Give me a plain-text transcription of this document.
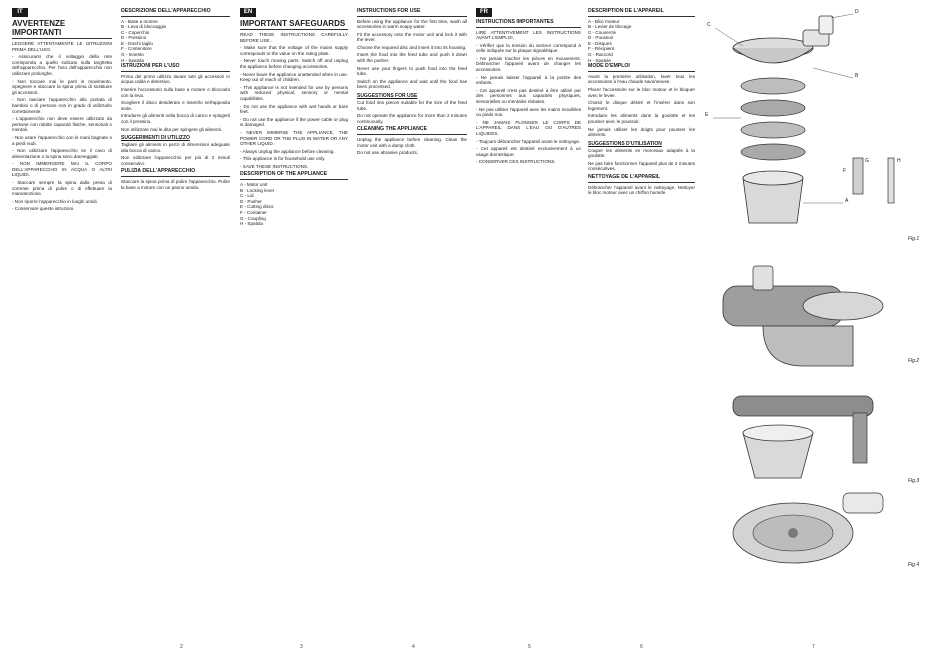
IT
AVVERTENZE IMPORTANTI
LEGGERE ATTENTAMENTE LE ISTRUZIONI PRIMA DELL'USO.
- Assicurarsi che il voltaggio della rete corrisponda a quello indicato sulla targhetta dell'apparecchio. Per l'uso dell'apparecchio non utilizzare prolunghe.
- Non toccare mai le parti in movimento. Spegnere e staccare la spina prima di sostituire gli accessori.
- Non lasciare l'apparecchio alla portata di bambini o di persone non in grado di utilizzarlo correttamente.
- L'apparecchio non deve essere utilizzato da persone con ridotte capacità fisiche, sensoriali o mentali.
- Non usare l'apparecchio con le mani bagnate o a piedi nudi.
- Non utilizzare l'apparecchio se il cavo di alimentazione o la spina sono danneggiati.
- NON IMMERGERE MAI IL CORPO DELL'APPARECCHIO IN ACQUA O ALTRI LIQUIDI.
- Staccare sempre la spina dalla presa di corrente prima di pulire o di effettuare la manutenzione.
- Non riporre l'apparecchio in luoghi umidi.
- Conservare queste istruzioni.
DESCRIZIONE DELL'APPARECCHIO
A - Base a motore
B - Leva di bloccaggio
C - Coperchio
D - Pressino
E - Dischi taglio
F - Contenitore
G - Innesto
H - Spatola
ISTRUZIONI PER L'USO
Prima del primo utilizzo lavare tutti gli accessori in acqua calda e detersivo.
Inserire l'accessorio sulla base a motore e bloccarlo con la leva.
Scegliere il disco desiderato e inserirlo nell'apposita sede.
Introdurre gli alimenti nella bocca di carico e spingerli con il pressino.
Non utilizzare mai le dita per spingere gli alimenti.
SUGGERIMENTI DI UTILIZZO
Tagliare gli alimenti in pezzi di dimensioni adeguate alla bocca di carico.
Non utilizzare l'apparecchio per più di 2 minuti consecutivi.
PULIZIA DELL'APPARECCHIO
Staccare la spina prima di pulire l'apparecchio. Pulire la base a motore con un panno umido.
EN
IMPORTANT SAFEGUARDS
READ THESE INSTRUCTIONS CAREFULLY BEFORE USE.
- Make sure that the voltage of the mains supply corresponds to the value on the rating plate.
- Never touch moving parts. Switch off and unplug the appliance before changing accessories.
- Never leave the appliance unattended when in use. Keep out of reach of children.
- This appliance is not intended for use by persons with reduced physical, sensory or mental capabilities.
- Do not use the appliance with wet hands or bare feet.
- Do not use the appliance if the power cable or plug is damaged.
- NEVER IMMERSE THE APPLIANCE, THE POWER CORD OR THE PLUG IN WATER OR ANY OTHER LIQUID.
- Always unplug the appliance before cleaning.
- This appliance is for household use only.
- SAVE THESE INSTRUCTIONS.
DESCRIPTION OF THE APPLIANCE
A - Motor unit
B - Locking lever
C - Lid
D - Pusher
E - Cutting discs
F - Container
G - Coupling
H - Spatula
INSTRUCTIONS FOR USE
Before using the appliance for the first time, wash all accessories in warm soapy water.
Fit the accessory onto the motor unit and lock it with the lever.
Choose the required disc and insert it into its housing.
Insert the food into the feed tube and push it down with the pusher.
Never use your fingers to push food into the feed tube.
Switch on the appliance and wait until the food has been processed.
SUGGESTIONS FOR USE
Cut food into pieces suitable for the size of the feed tube.
Do not operate the appliance for more than 2 minutes continuously.
CLEANING THE APPLIANCE
Unplug the appliance before cleaning. Clean the motor unit with a damp cloth.
Do not use abrasive products.
FR
INSTRUCTIONS IMPORTANTES
LIRE ATTENTIVEMENT LES INSTRUCTIONS AVANT L'EMPLOI.
- Vérifier que la tension du secteur correspond à celle indiquée sur la plaque signalétique.
- Ne jamais toucher les pièces en mouvement. Débrancher l'appareil avant de changer les accessoires.
- Ne jamais laisser l'appareil à la portée des enfants.
- Cet appareil n'est pas destiné à être utilisé par des personnes aux capacités physiques, sensorielles ou mentales réduites.
- Ne pas utiliser l'appareil avec les mains mouillées ou pieds nus.
- NE JAMAIS PLONGER LE CORPS DE L'APPAREIL DANS L'EAU OU D'AUTRES LIQUIDES.
- Toujours débrancher l'appareil avant le nettoyage.
- Cet appareil est destiné exclusivement à un usage domestique.
- CONSERVER CES INSTRUCTIONS.
DESCRIPTION DE L'APPAREIL
A - Bloc moteur
B - Levier de blocage
C - Couvercle
D - Poussoir
E - Disques
F - Récipient
G - Raccord
H - Spatule
MODE D'EMPLOI
Avant la première utilisation, laver tous les accessoires à l'eau chaude savonneuse.
Placer l'accessoire sur le bloc moteur et le bloquer avec le levier.
Choisir le disque désiré et l'insérer dans son logement.
Introduire les aliments dans la goulotte et les pousser avec le poussoir.
Ne jamais utiliser les doigts pour pousser les aliments.
SUGGESTIONS D'UTILISATION
Couper les aliments en morceaux adaptés à la goulotte.
Ne pas faire fonctionner l'appareil plus de 2 minutes consécutives.
NETTOYAGE DE L'APPAREIL
Débrancher l'appareil avant le nettoyage. Nettoyer le bloc moteur avec un chiffon humide.
C
D
B
E
A
F
G	H
Fig.1
Fig.2
Fig.3
Fig.4
2	3	4	5	6	7
